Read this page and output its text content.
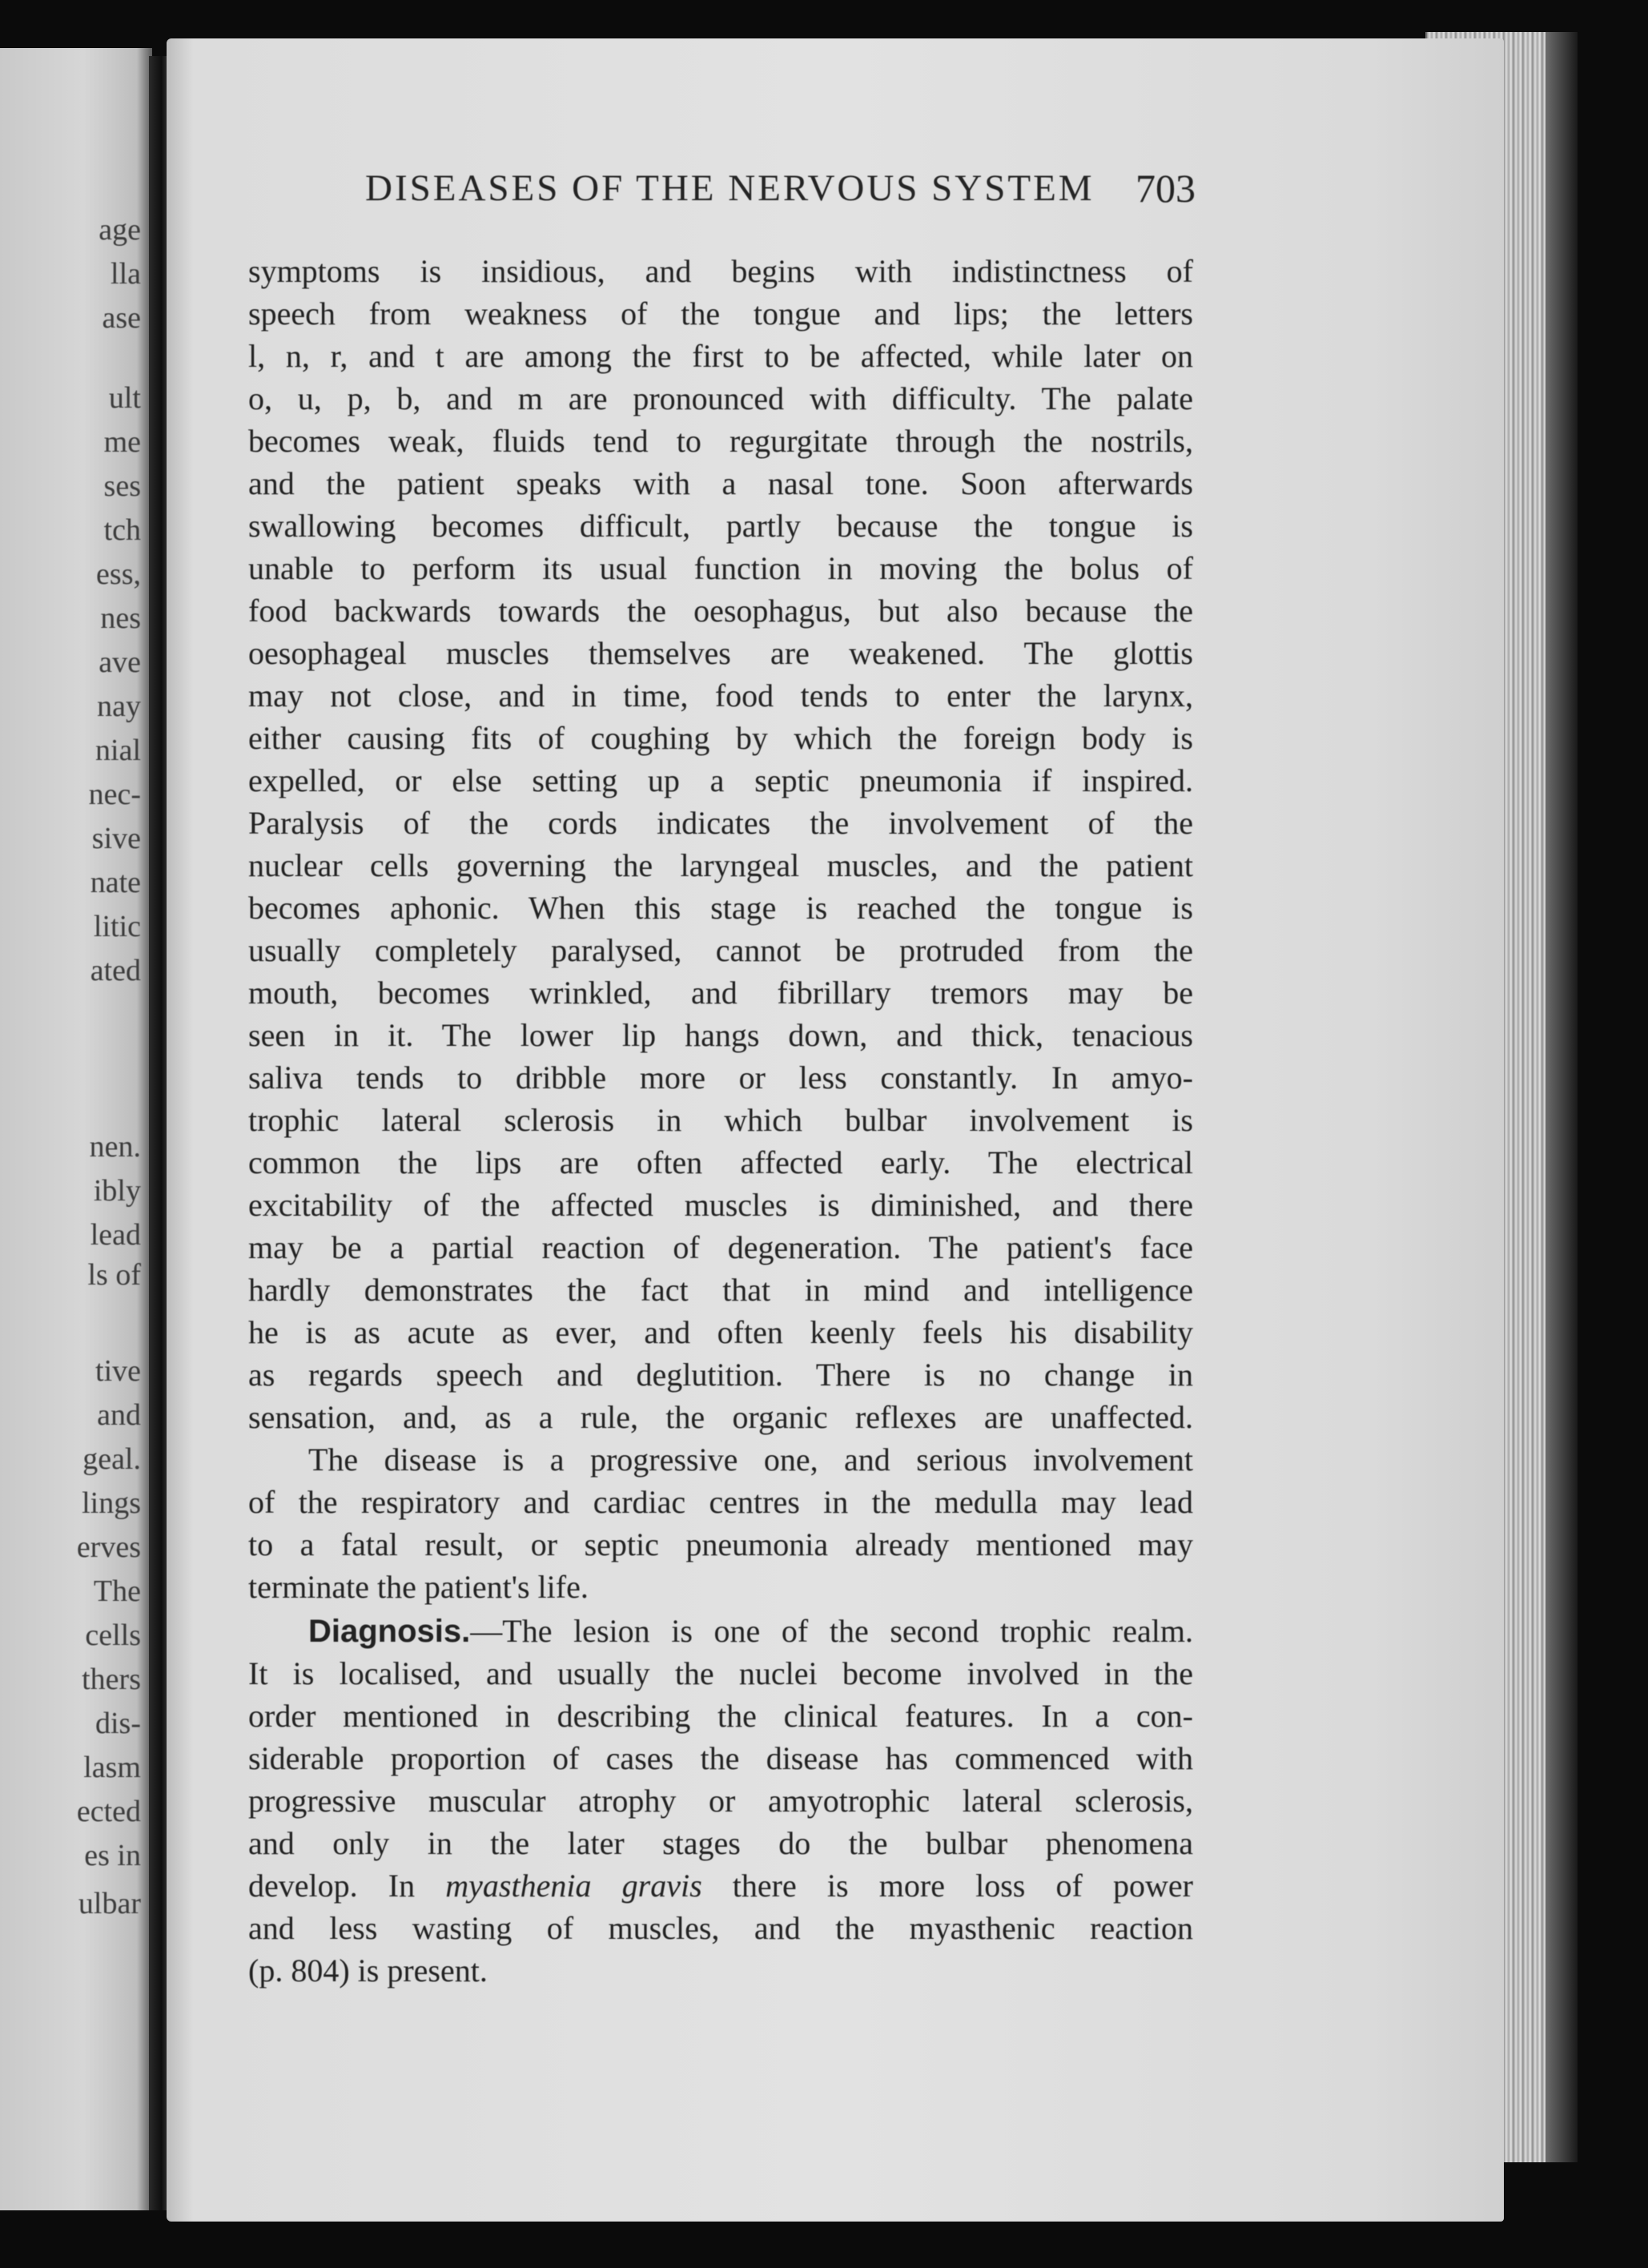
age
lla
ase
ult
me
ses
tch
ess,
nes
ave
nay
nial
nec-
sive
nate
litic
ated
nen.
ibly
lead
ls of
tive
and
geal.
lings
erves
The
cells
thers
dis-
lasm
ected
es in
ulbar
DISEASES OF THE NERVOUS SYSTEM	703
symptoms is insidious, and begins with indistinctness of
speech from weakness of the tongue and lips; the letters
l, n, r, and t are among the first to be affected, while later on
o, u, p, b, and m are pronounced with difficulty. The palate
becomes weak, fluids tend to regurgitate through the nostrils,
and the patient speaks with a nasal tone. Soon afterwards
swallowing becomes difficult, partly because the tongue is
unable to perform its usual function in moving the bolus of
food backwards towards the oesophagus, but also because the
oesophageal muscles themselves are weakened. The glottis
may not close, and in time, food tends to enter the larynx,
either causing fits of coughing by which the foreign body is
expelled, or else setting up a septic pneumonia if inspired.
Paralysis of the cords indicates the involvement of the
nuclear cells governing the laryngeal muscles, and the patient
becomes aphonic. When this stage is reached the tongue is
usually completely paralysed, cannot be protruded from the
mouth, becomes wrinkled, and fibrillary tremors may be
seen in it. The lower lip hangs down, and thick, tenacious
saliva tends to dribble more or less constantly. In amyo-
trophic lateral sclerosis in which bulbar involvement is
common the lips are often affected early. The electrical
excitability of the affected muscles is diminished, and there
may be a partial reaction of degeneration. The patient's face
hardly demonstrates the fact that in mind and intelligence
he is as acute as ever, and often keenly feels his disability
as regards speech and deglutition. There is no change in
sensation, and, as a rule, the organic reflexes are unaffected.
The disease is a progressive one, and serious involvement
of the respiratory and cardiac centres in the medulla may lead
to a fatal result, or septic pneumonia already mentioned may
terminate the patient's life.
Diagnosis.—The lesion is one of the second trophic realm.
It is localised, and usually the nuclei become involved in the
order mentioned in describing the clinical features. In a con-
siderable proportion of cases the disease has commenced with
progressive muscular atrophy or amyotrophic lateral sclerosis,
and only in the later stages do the bulbar phenomena
develop. In myasthenia gravis there is more loss of power
and less wasting of muscles, and the myasthenic reaction
(p. 804) is present.
